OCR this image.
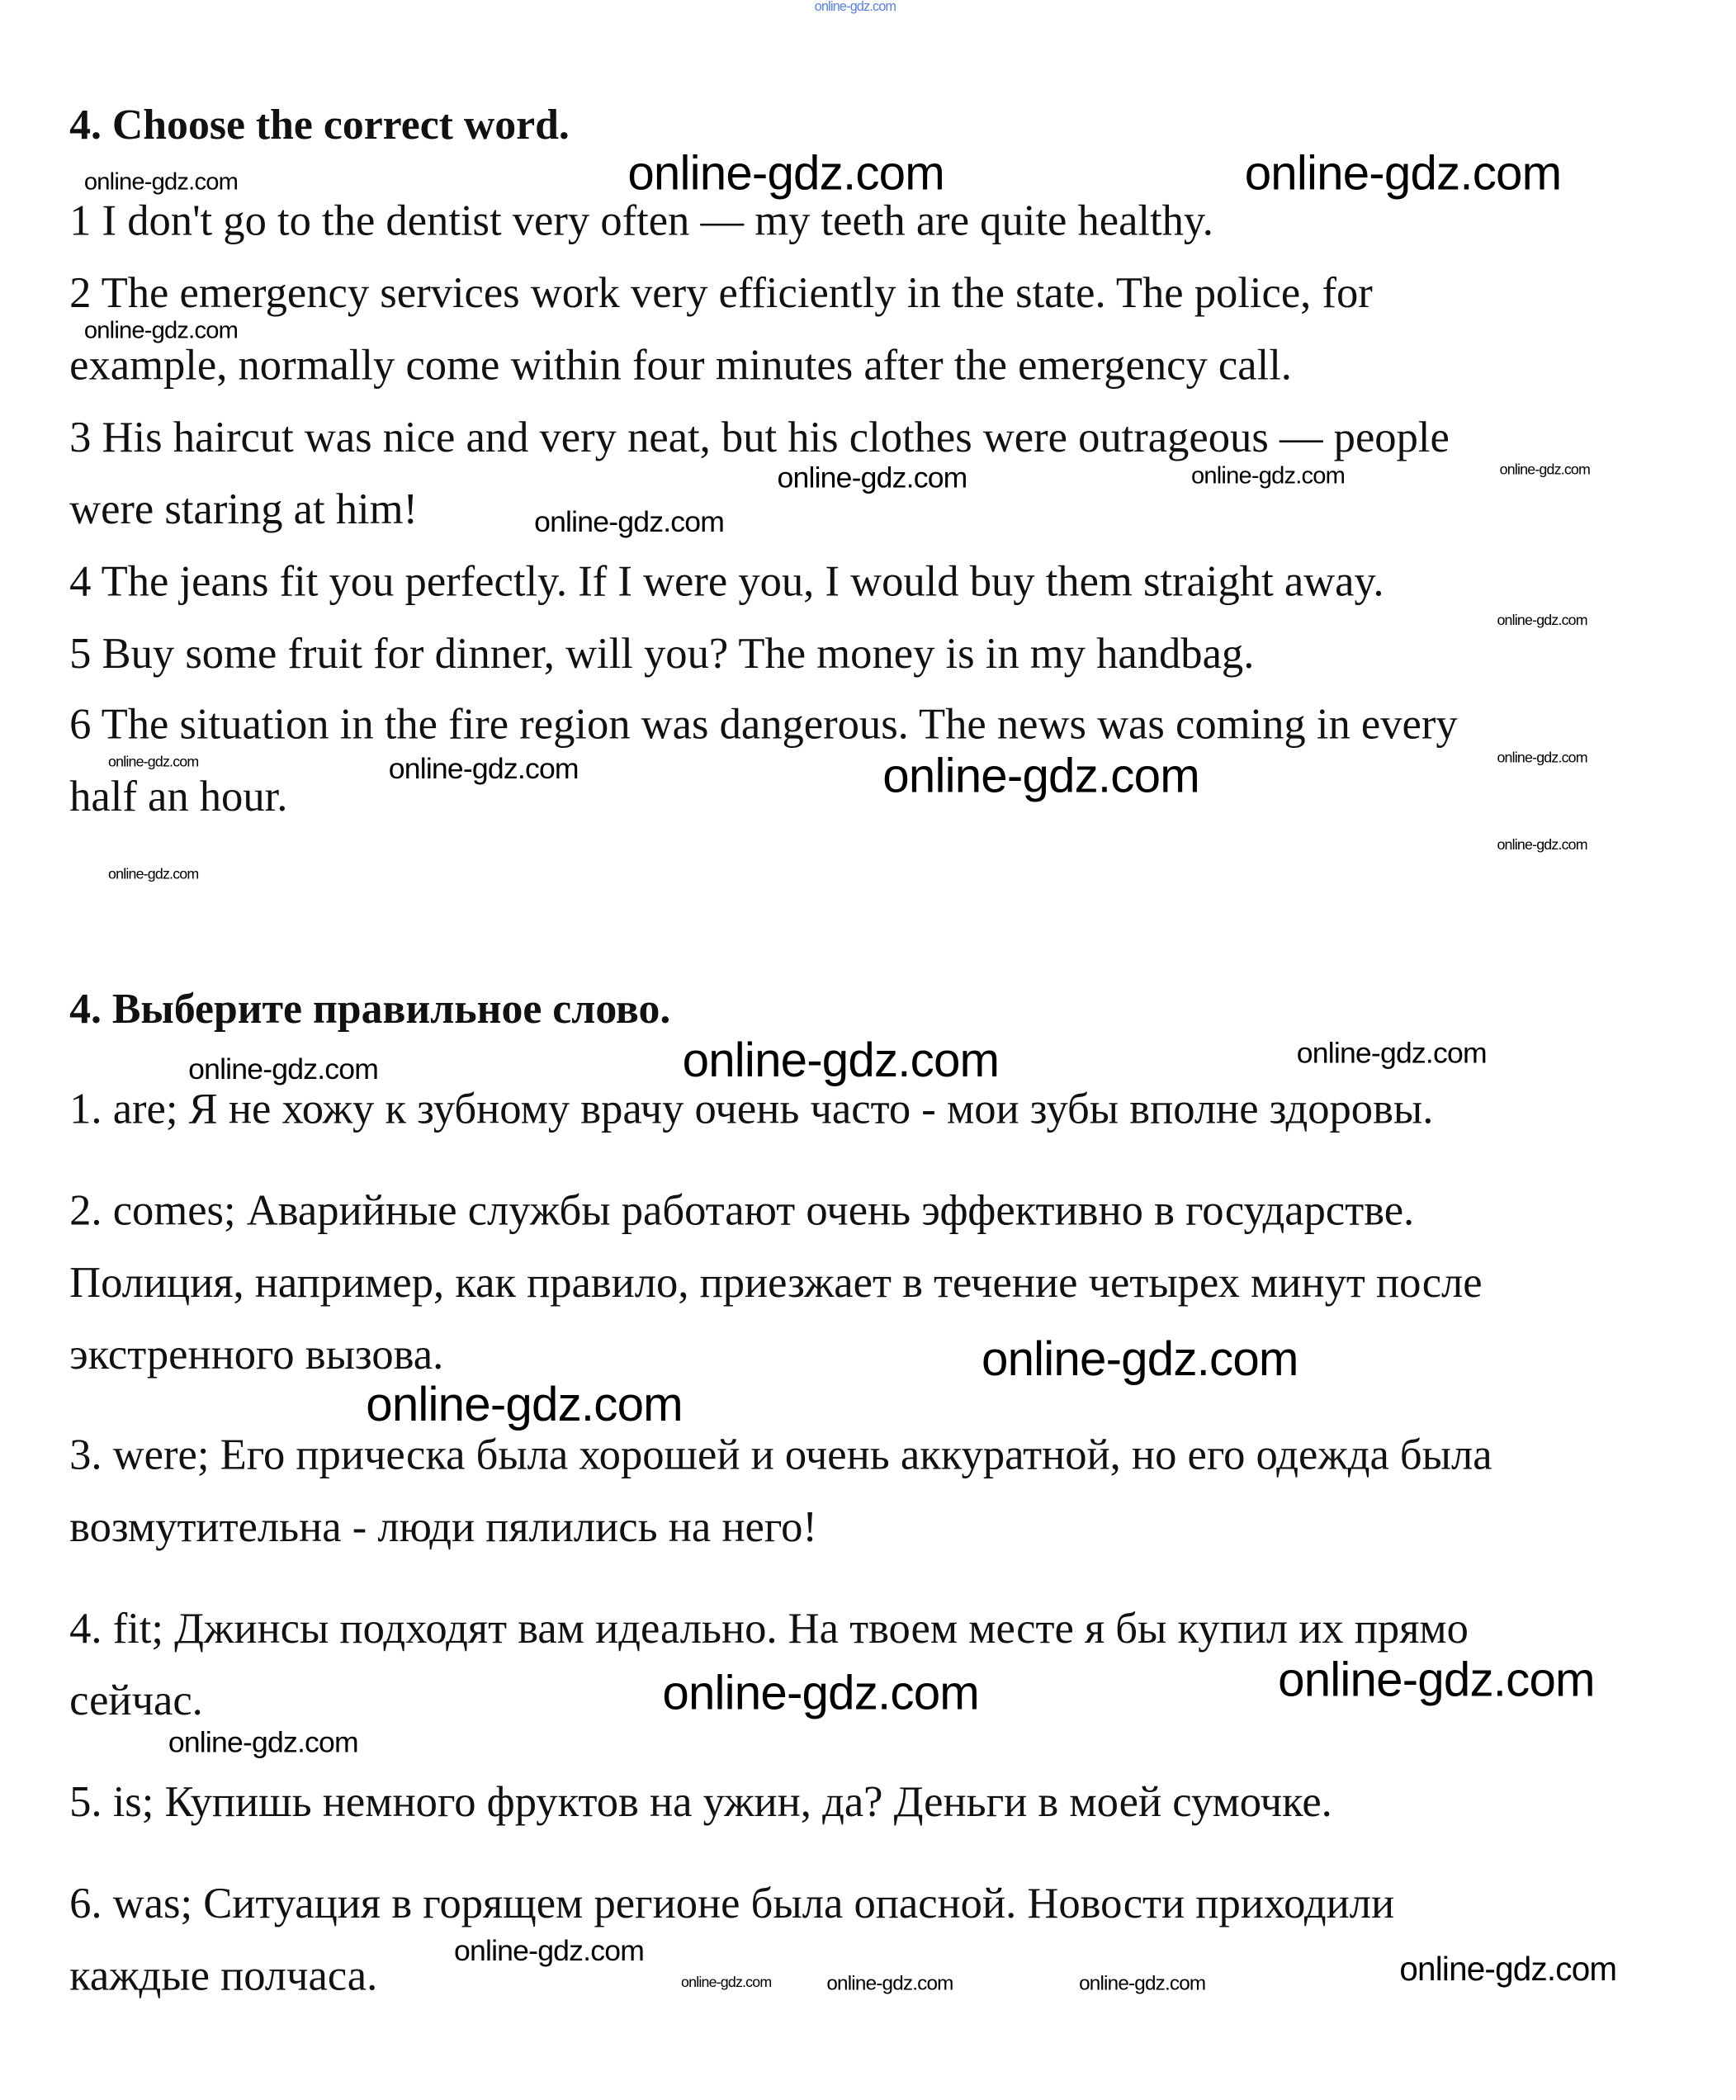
online-gdz.com
4. Choose the correct word.
1 I don't go to the dentist very often — my teeth are quite healthy.
2 The emergency services work very efficiently in the state. The police, for
example, normally come within four minutes after the emergency call.
3 His haircut was nice and very neat, but his clothes were outrageous — people
were staring at him!
4 The jeans fit you perfectly. If I were you, I would buy them straight away.
5 Buy some fruit for dinner, will you? The money is in my handbag.
6 The situation in the fire region was dangerous. The news was coming in every
half an hour.
4. Выберите правильное слово.
1. are; Я не хожу к зубному врачу очень часто - мои зубы вполне здоровы.
2. comes; Аварийные службы работают очень эффективно в государстве.
Полиция, например, как правило, приезжает в течение четырех минут после
экстренного вызова.
3. were; Его прическа была хорошей и очень аккуратной, но его одежда была
возмутительна - люди пялились на него!
4. fit; Джинсы подходят вам идеально. На твоем месте я бы купил их прямо
сейчас.
5. is; Купишь немного фруктов на ужин, да? Деньги в моей сумочке.
6. was; Ситуация в горящем регионе была опасной. Новости приходили
каждые полчаса.
online-gdz.com	online-gdz.com	online-gdz.com
online-gdz.com
online-gdz.com	online-gdz.com	online-gdz.com
online-gdz.com
online-gdz.com
online-gdz.com	online-gdz.com	online-gdz.com	online-gdz.com
online-gdz.com
online-gdz.com
online-gdz.com	online-gdz.com	online-gdz.com
online-gdz.com
online-gdz.com
online-gdz.com
online-gdz.com
online-gdz.com
online-gdz.com
online-gdz.com	online-gdz.com	online-gdz.com	online-gdz.com
